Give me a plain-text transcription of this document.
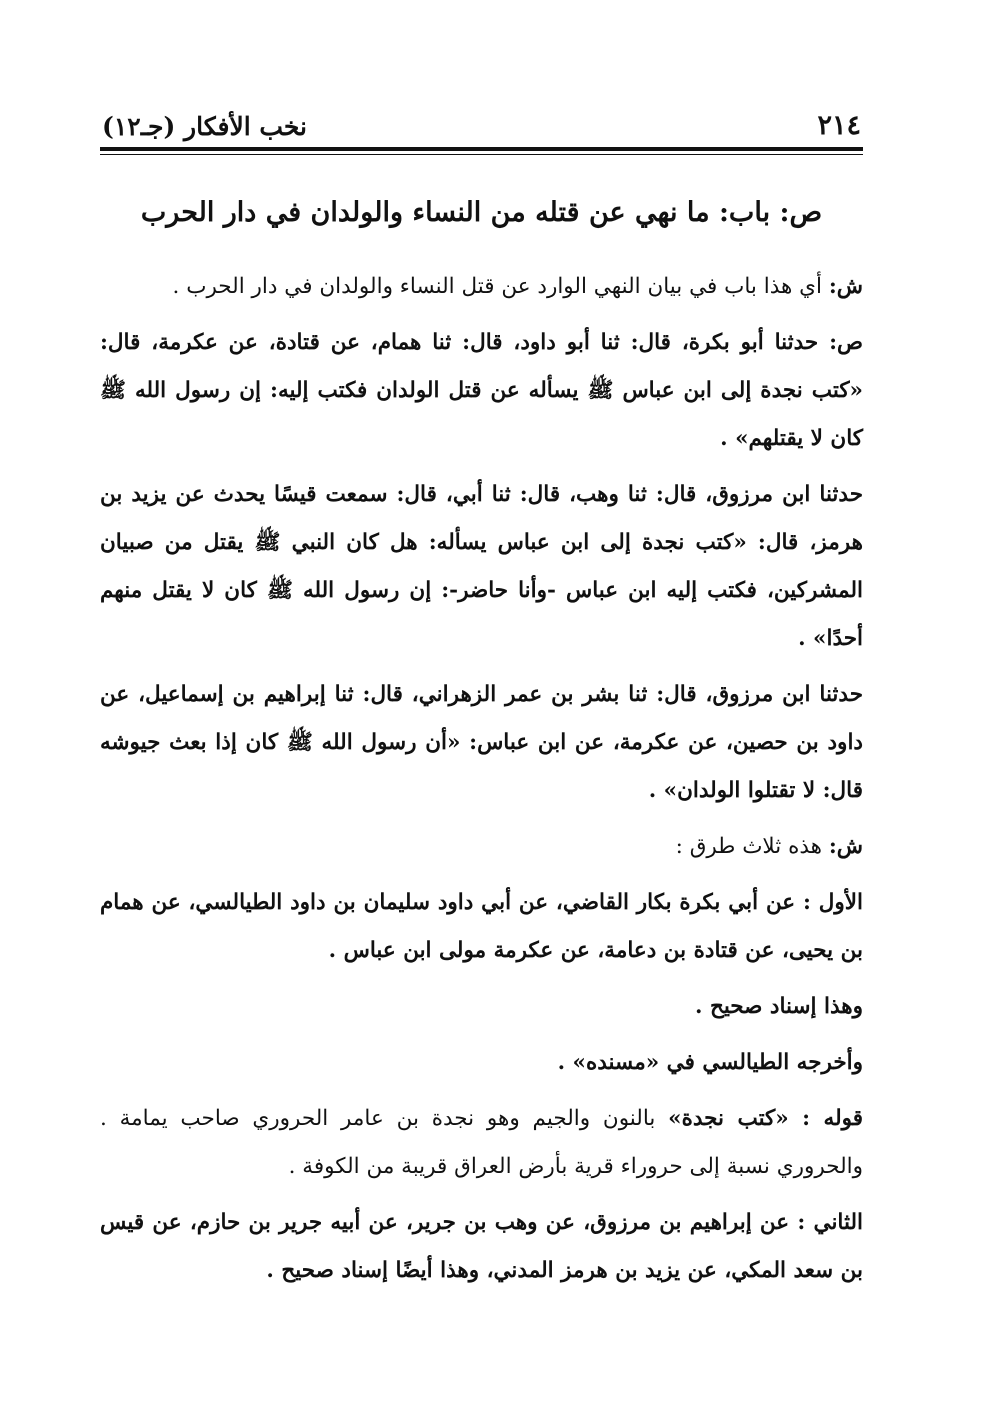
٢١٤
نخب الأفكار (جـ١٢)
ص: باب: ما نهي عن قتله من النساء والولدان في دار الحرب

ش: أي هذا باب في بيان النهي الوارد عن قتل النساء والولدان في دار الحرب .

ص: حدثنا أبو بكرة، قال: ثنا أبو داود، قال: ثنا همام، عن قتادة، عن عكرمة، قال: «كتب نجدة إلى ابن عباس ﷺ يسأله عن قتل الولدان فكتب إليه: إن رسول الله ﷺ كان لا يقتلهم» .

حدثنا ابن مرزوق، قال: ثنا وهب، قال: ثنا أبي، قال: سمعت قيسًا يحدث عن يزيد بن هرمز، قال: «كتب نجدة إلى ابن عباس يسأله: هل كان النبي ﷺ يقتل من صبيان المشركين، فكتب إليه ابن عباس -وأنا حاضر-: إن رسول الله ﷺ كان لا يقتل منهم أحدًا» .

حدثنا ابن مرزوق، قال: ثنا بشر بن عمر الزهراني، قال: ثنا إبراهيم بن إسماعيل، عن داود بن حصين، عن عكرمة، عن ابن عباس: «أن رسول الله ﷺ كان إذا بعث جيوشه قال: لا تقتلوا الولدان» .

ش: هذه ثلاث طرق :

الأول : عن أبي بكرة بكار القاضي، عن أبي داود سليمان بن داود الطيالسي، عن همام بن يحيى، عن قتادة بن دعامة، عن عكرمة مولى ابن عباس .

وهذا إسناد صحيح .

وأخرجه الطيالسي في «مسنده» .

قوله : «كتب نجدة» بالنون والجيم وهو نجدة بن عامر الحروري صاحب يمامة . والحروري نسبة إلى حروراء قرية بأرض العراق قريبة من الكوفة .

الثاني : عن إبراهيم بن مرزوق، عن وهب بن جرير، عن أبيه جرير بن حازم، عن قيس بن سعد المكي، عن يزيد بن هرمز المدني، وهذا أيضًا إسناد صحيح .
